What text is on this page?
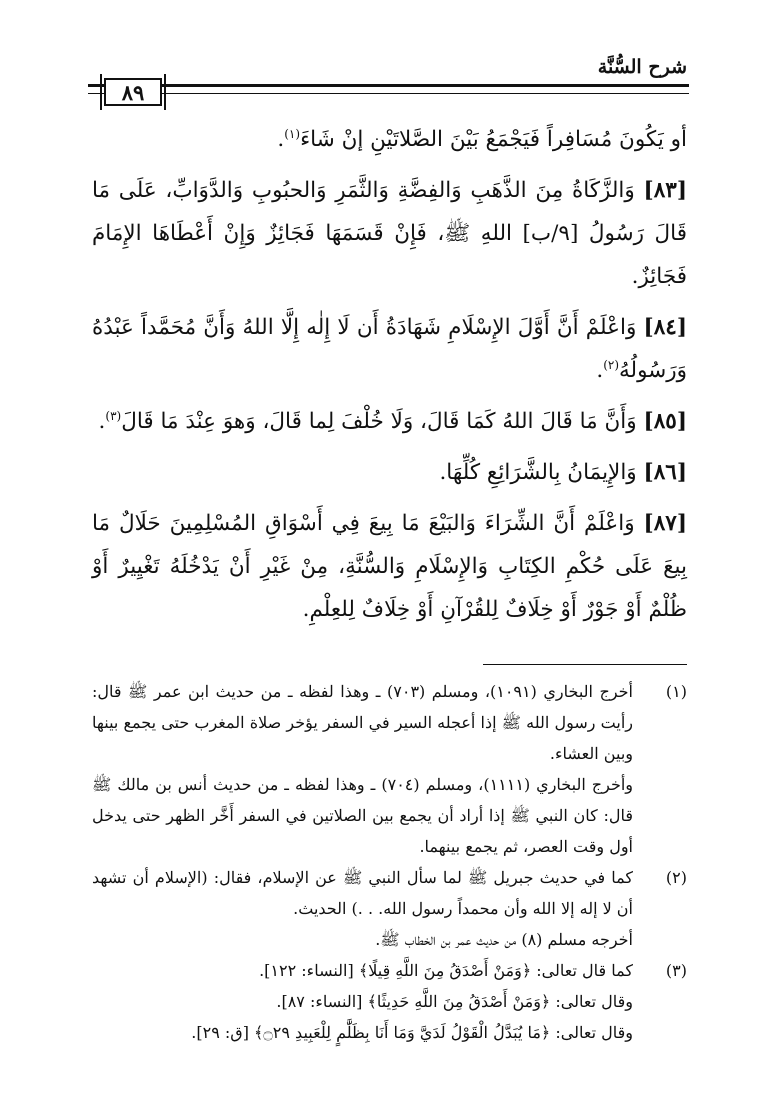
شرح السُّنَّة
٨٩

أو يَكُونَ مُسَافِراً فَيَجْمَعُ بَيْنَ الصَّلاتَيْنِ إنْ شَاءَ$^{(١)}$.

[٨٣] وَالزَّكَاةُ مِنَ الذَّهَبِ وَالفِضَّةِ وَالثَّمَرِ وَالحبُوبِ وَالدَّوَابِّ، عَلَى مَا قَالَ رَسُولُ [٩/ب] اللهِ ﷺ، فَإِنْ قَسَمَهَا فَجَائِزٌ وَإِنْ أَعْطَاهَا الإِمَامَ فَجَائِزٌ.

[٨٤] وَاعْلَمْ أَنَّ أَوَّلَ الإِسْلَامِ شَهَادَةُ أَن لَا إِلٰه إِلَّا اللهُ وَأَنَّ مُحَمَّداً عَبْدُهُ وَرَسُولُهُ$^{(٢)}$.

[٨٥] وَأَنَّ مَا قَالَ اللهُ كَمَا قَالَ، وَلَا خُلْفَ لِما قَالَ، وَهوَ عِنْدَ مَا قَالَ$^{(٣)}$.

[٨٦] وَالإِيمَانُ بِالشَّرَائِعِ كُلِّهَا.

[٨٧] وَاعْلَمْ أَنَّ الشِّرَاءَ وَالبَيْعَ مَا بِيعَ فِي أَسْوَاقِ المُسْلِمِينَ حَلَالٌ مَا بِيعَ عَلَى حُكْمِ الكِتَابِ وَالإِسْلَامِ وَالسُّنَّةِ، مِنْ غَيْرِ أَنْ يَدْخُلَهُ تَغْيِيرٌ أَوْ ظُلْمٌ أَوْ جَوْرٌ أَوْ خِلَافٌ لِلقُرْآنِ أَوْ خِلَافٌ لِلعِلْمِ.

(١)

أخرج البخاري (١٠٩١)، ومسلم (٧٠٣) ـ وهذا لفظه ـ من حديث ابن عمر ﷺ قال: رأيت رسول الله ﷺ إذا أعجله السير في السفر يؤخر صلاة المغرب حتى يجمع بينها وبين العشاء.

وأخرج البخاري (١١١١)، ومسلم (٧٠٤) ـ وهذا لفظه ـ من حديث أنس بن مالك ﷺ قال: كان النبي ﷺ إذا أراد أن يجمع بين الصلاتين في السفر أَخَّر الظهر حتى يدخل أول وقت العصر، ثم يجمع بينهما.

(٢)

كما في حديث جبريل ﷺ لما سأل النبي ﷺ عن الإسلام، فقال: (الإسلام أن تشهد أن لا إله إلا الله وأن محمداً رسول الله. . .) الحديث.

أخرجه مسلم (٨) من حديث عمر بن الخطاب ﷺ.

(٣)

كما قال تعالى: ﴿وَمَنْ أَصْدَقُ مِنَ اللَّهِ قِيلًا﴾ [النساء: ١٢٢].

وقال تعالى: ﴿وَمَنْ أَصْدَقُ مِنَ اللَّهِ حَدِيثًا﴾ [النساء: ٨٧].

وقال تعالى: ﴿مَا يُبَدَّلُ الْقَوْلُ لَدَيَّ وَمَا أَنَا بِظَلَّٰمٍ لِلْعَبِيدِ ۝٢٩﴾ [ق: ٢٩].
